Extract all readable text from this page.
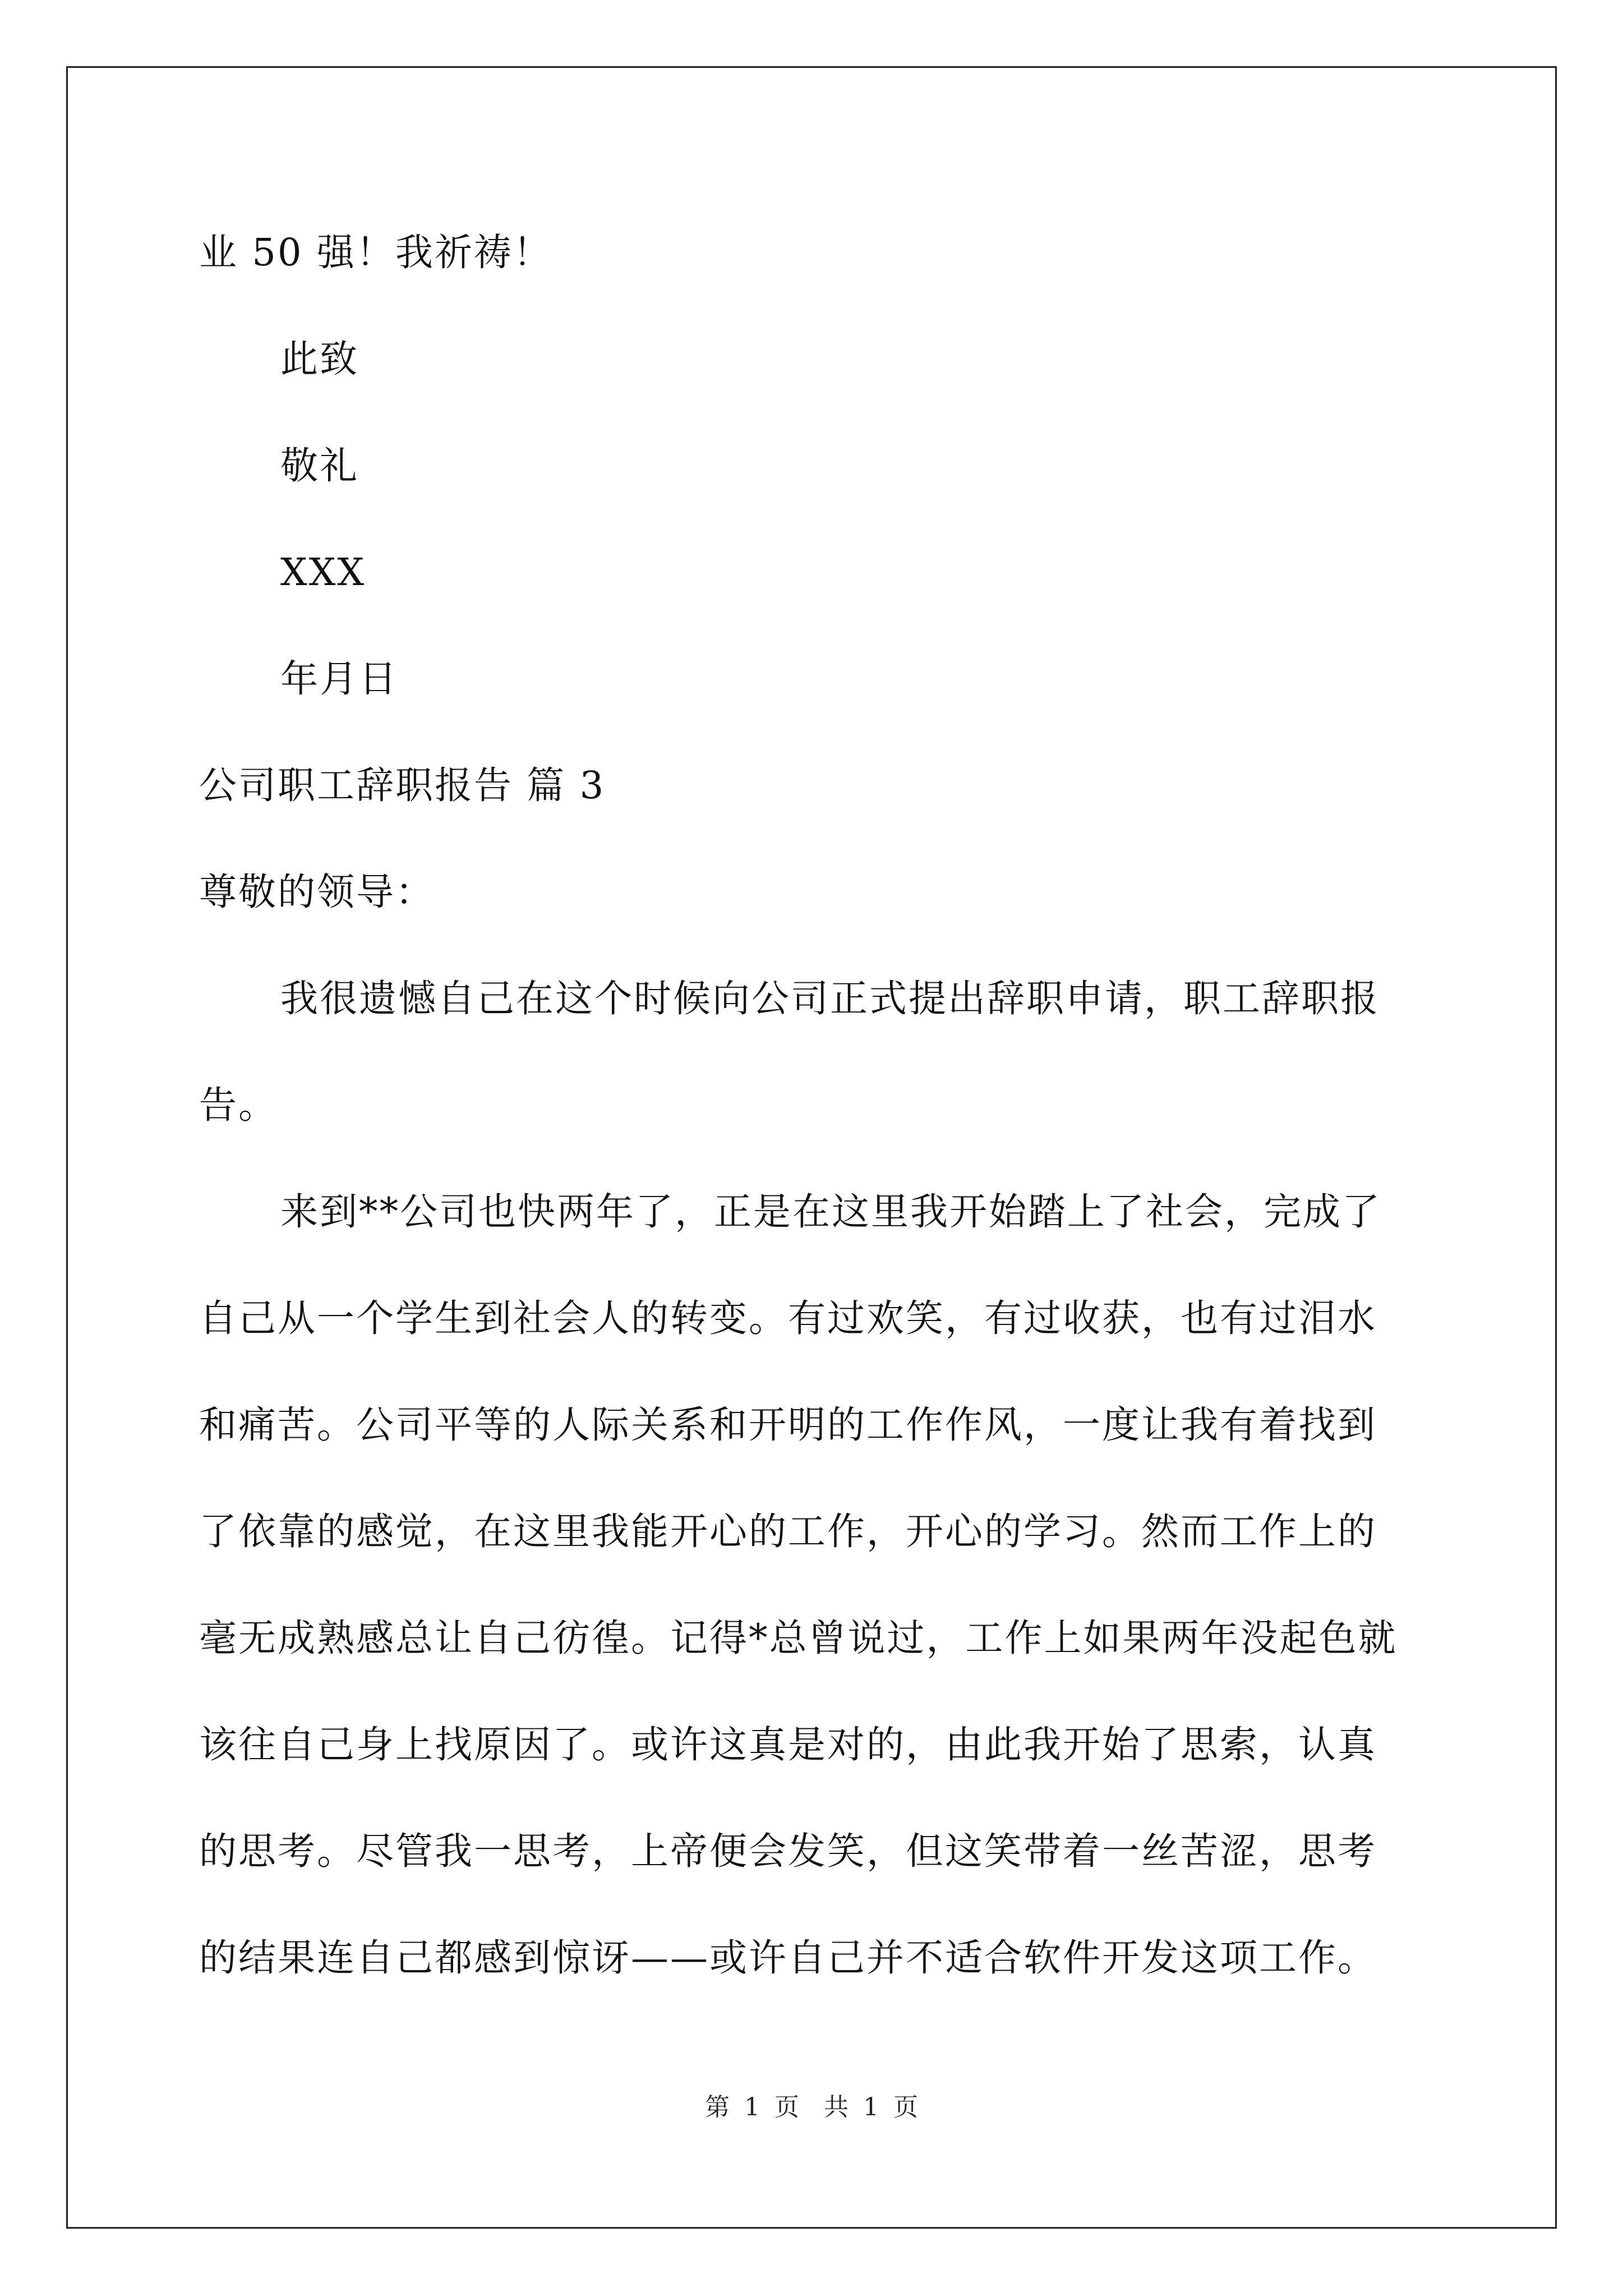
业 50 强！我祈祷！

此致

敬礼

XXX

年月日

公司职工辞职报告 篇 3

尊敬的领导：

我很遗憾自己在这个时候向公司正式提出辞职申请，职工辞职报
告。
来到**公司也快两年了，正是在这里我开始踏上了社会，完成了
自己从一个学生到社会人的转变。有过欢笑，有过收获，也有过泪水
和痛苦。公司平等的人际关系和开明的工作作风，一度让我有着找到
了依靠的感觉，在这里我能开心的工作，开心的学习。然而工作上的
毫无成熟感总让自己彷徨。记得*总曾说过，工作上如果两年没起色就
该往自己身上找原因了。或许这真是对的，由此我开始了思索，认真
的思考。尽管我一思考，上帝便会发笑，但这笑带着一丝苦涩，思考
的结果连自己都感到惊讶——或许自己并不适合软件开发这项工作。
第 1 页　共 1 页
